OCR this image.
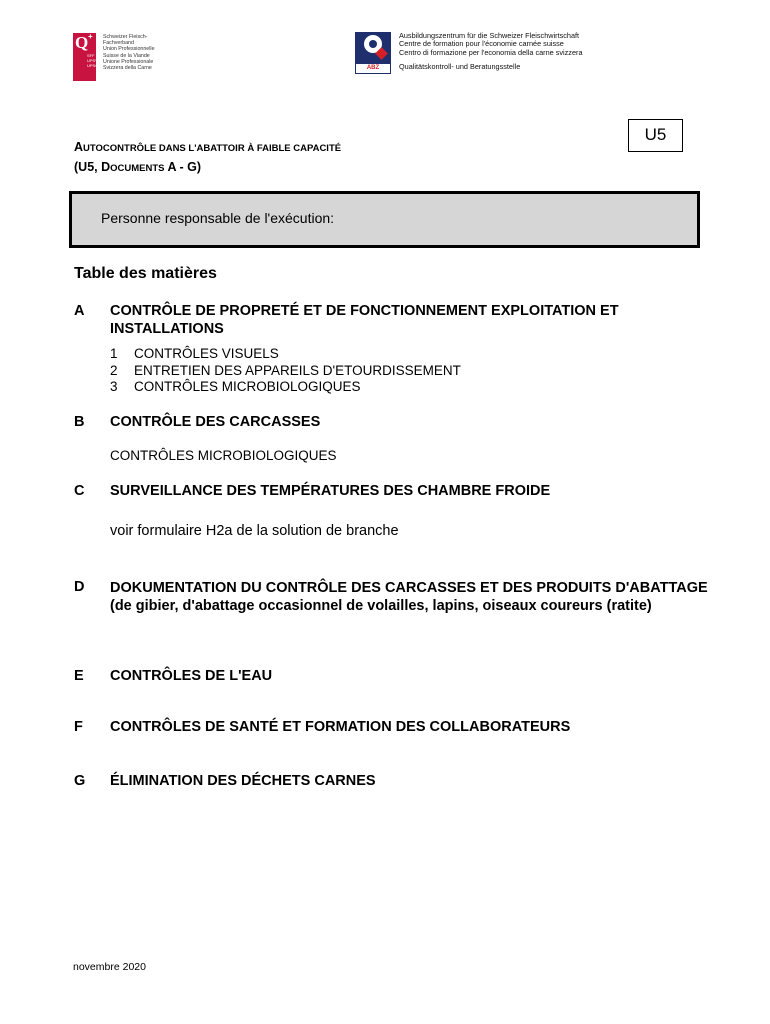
Q +
SFF
UPSV
UPSC
Schweizer Fleisch-
Fachverband
Union Professionnelle
Suisse de la Viande
Unione Professionale
Svizzera della Carne	ABZ
Ausbildungszentrum für die Schweizer Fleischwirtschaft
Centre de formation pour l'économie carnée suisse
Centro di formazione per l'economia della carne svizzera
Qualitätskontroll- und Beratungsstelle
U5
AUTOCONTRÔLE DANS L'ABATTOIR À FAIBLE CAPACITÉ
(U5, DOCUMENTS A - G)
Personne responsable de l'exécution:
Table des matières
A CONTRÔLE DE PROPRETÉ ET DE FONCTIONNEMENT EXPLOITATION ET INSTALLATIONS
1 CONTRÔLES VISUELS
2 ENTRETIEN DES APPAREILS D'ETOURDISSEMENT
3 CONTRÔLES MICROBIOLOGIQUES
B CONTRÔLE DES CARCASSES
CONTRÔLES MICROBIOLOGIQUES
C SURVEILLANCE DES TEMPÉRATURES DES CHAMBRE FROIDE
voir formulaire H2a de la solution de branche
D DOKUMENTATION DU CONTRÔLE DES CARCASSES ET DES PRODUITS D'ABATTAGE (de gibier, d'abattage occasionnel de volailles, lapins, oiseaux coureurs (ratite)
E CONTRÔLES DE L'EAU
F CONTRÔLES DE SANTÉ ET FORMATION DES COLLABORATEURS
G ÉLIMINATION DES DÉCHETS CARNES
novembre 2020
